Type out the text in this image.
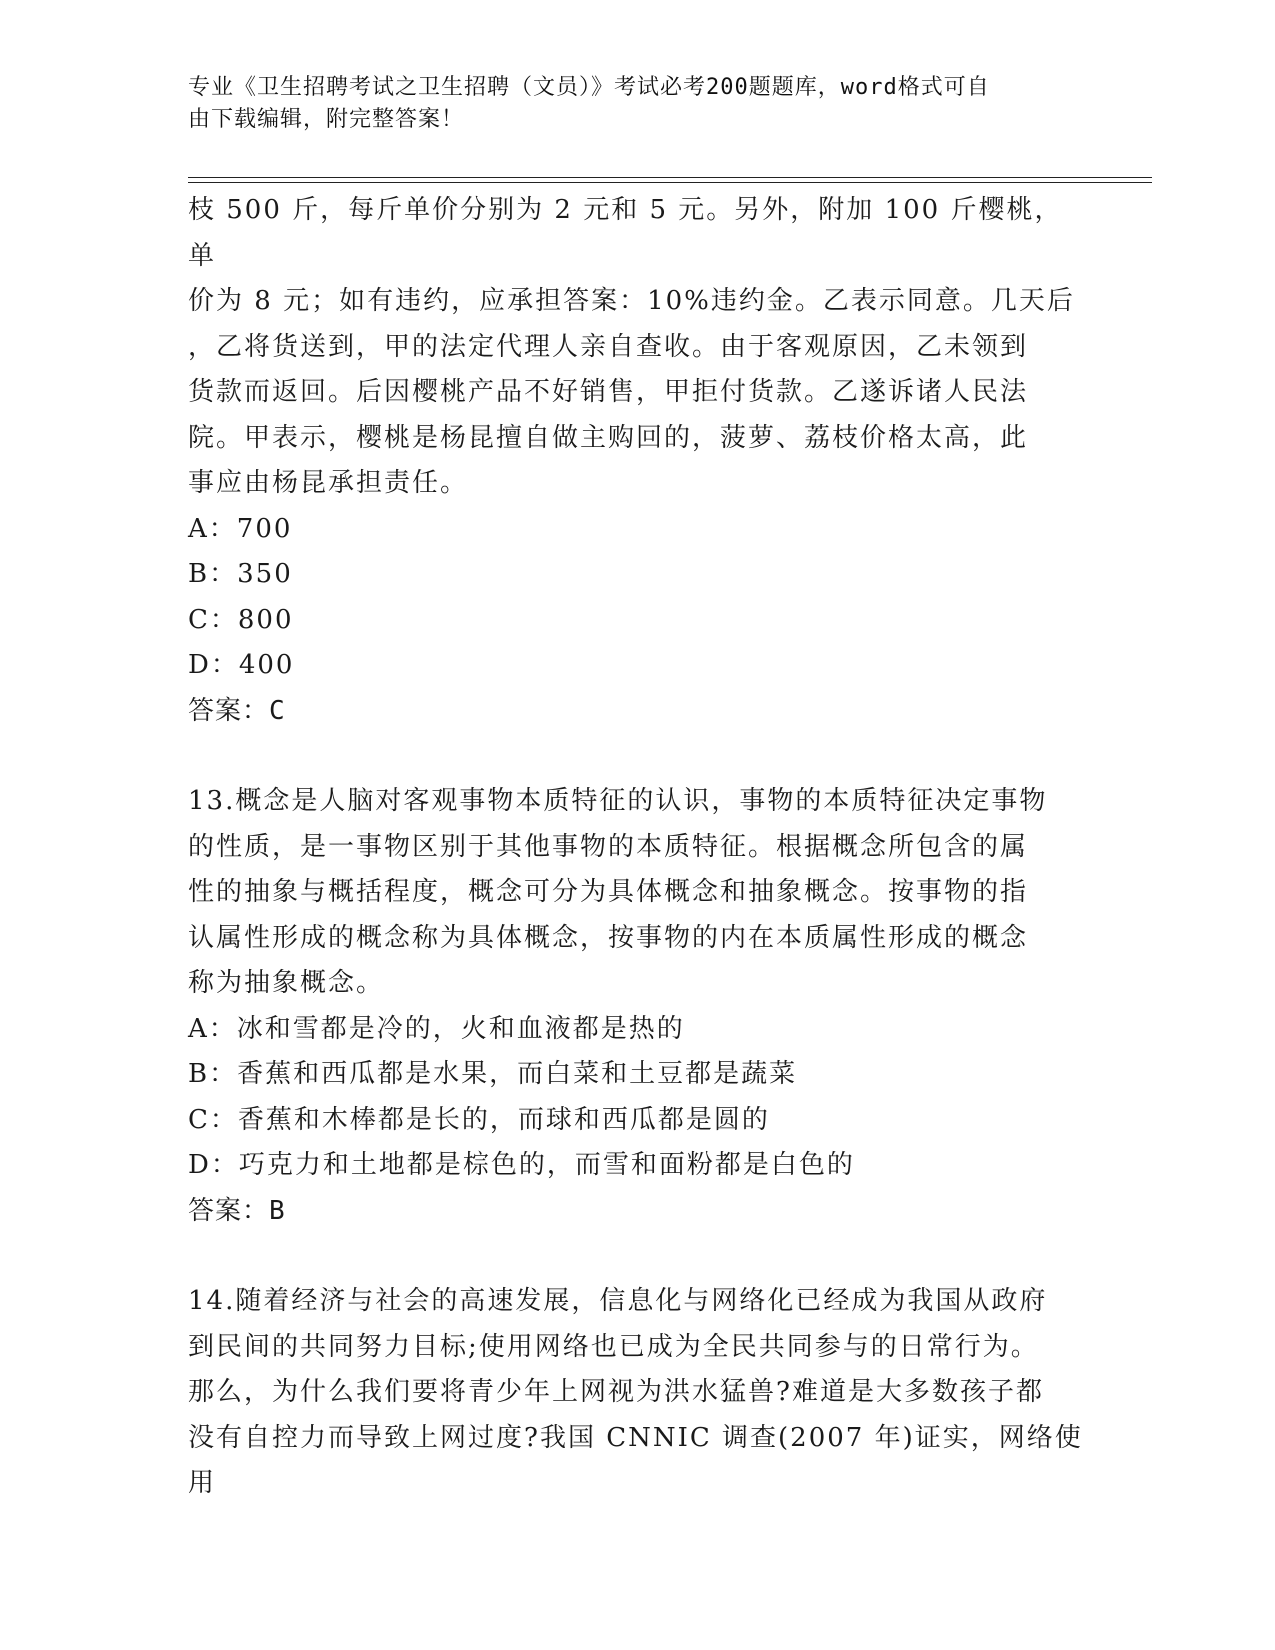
专业《卫生招聘考试之卫生招聘（文员）》考试必考200题题库，word格式可自
由下载编辑，附完整答案！

枝 500 斤，每斤单价分别为 2 元和 5 元。另外，附加 100 斤樱桃，单

价为 8 元；如有违约，应承担答案：10%违约金。乙表示同意。几天后

，乙将货送到，甲的法定代理人亲自查收。由于客观原因，乙未领到

货款而返回。后因樱桃产品不好销售，甲拒付货款。乙遂诉诸人民法

院。甲表示，樱桃是杨昆擅自做主购回的，菠萝、荔枝价格太高，此

事应由杨昆承担责任。

A：700

B：350

C：800

D：400

答案：C

13.概念是人脑对客观事物本质特征的认识，事物的本质特征决定事物

的性质，是一事物区别于其他事物的本质特征。根据概念所包含的属

性的抽象与概括程度，概念可分为具体概念和抽象概念。按事物的指

认属性形成的概念称为具体概念，按事物的内在本质属性形成的概念

称为抽象概念。

A：冰和雪都是冷的，火和血液都是热的

B：香蕉和西瓜都是水果，而白菜和土豆都是蔬菜

C：香蕉和木棒都是长的，而球和西瓜都是圆的

D：巧克力和土地都是棕色的，而雪和面粉都是白色的

答案：B

14.随着经济与社会的高速发展，信息化与网络化已经成为我国从政府

到民间的共同努力目标;使用网络也已成为全民共同参与的日常行为。

那么，为什么我们要将青少年上网视为洪水猛兽?难道是大多数孩子都

没有自控力而导致上网过度?我国 CNNIC 调查(2007 年)证实，网络使用
